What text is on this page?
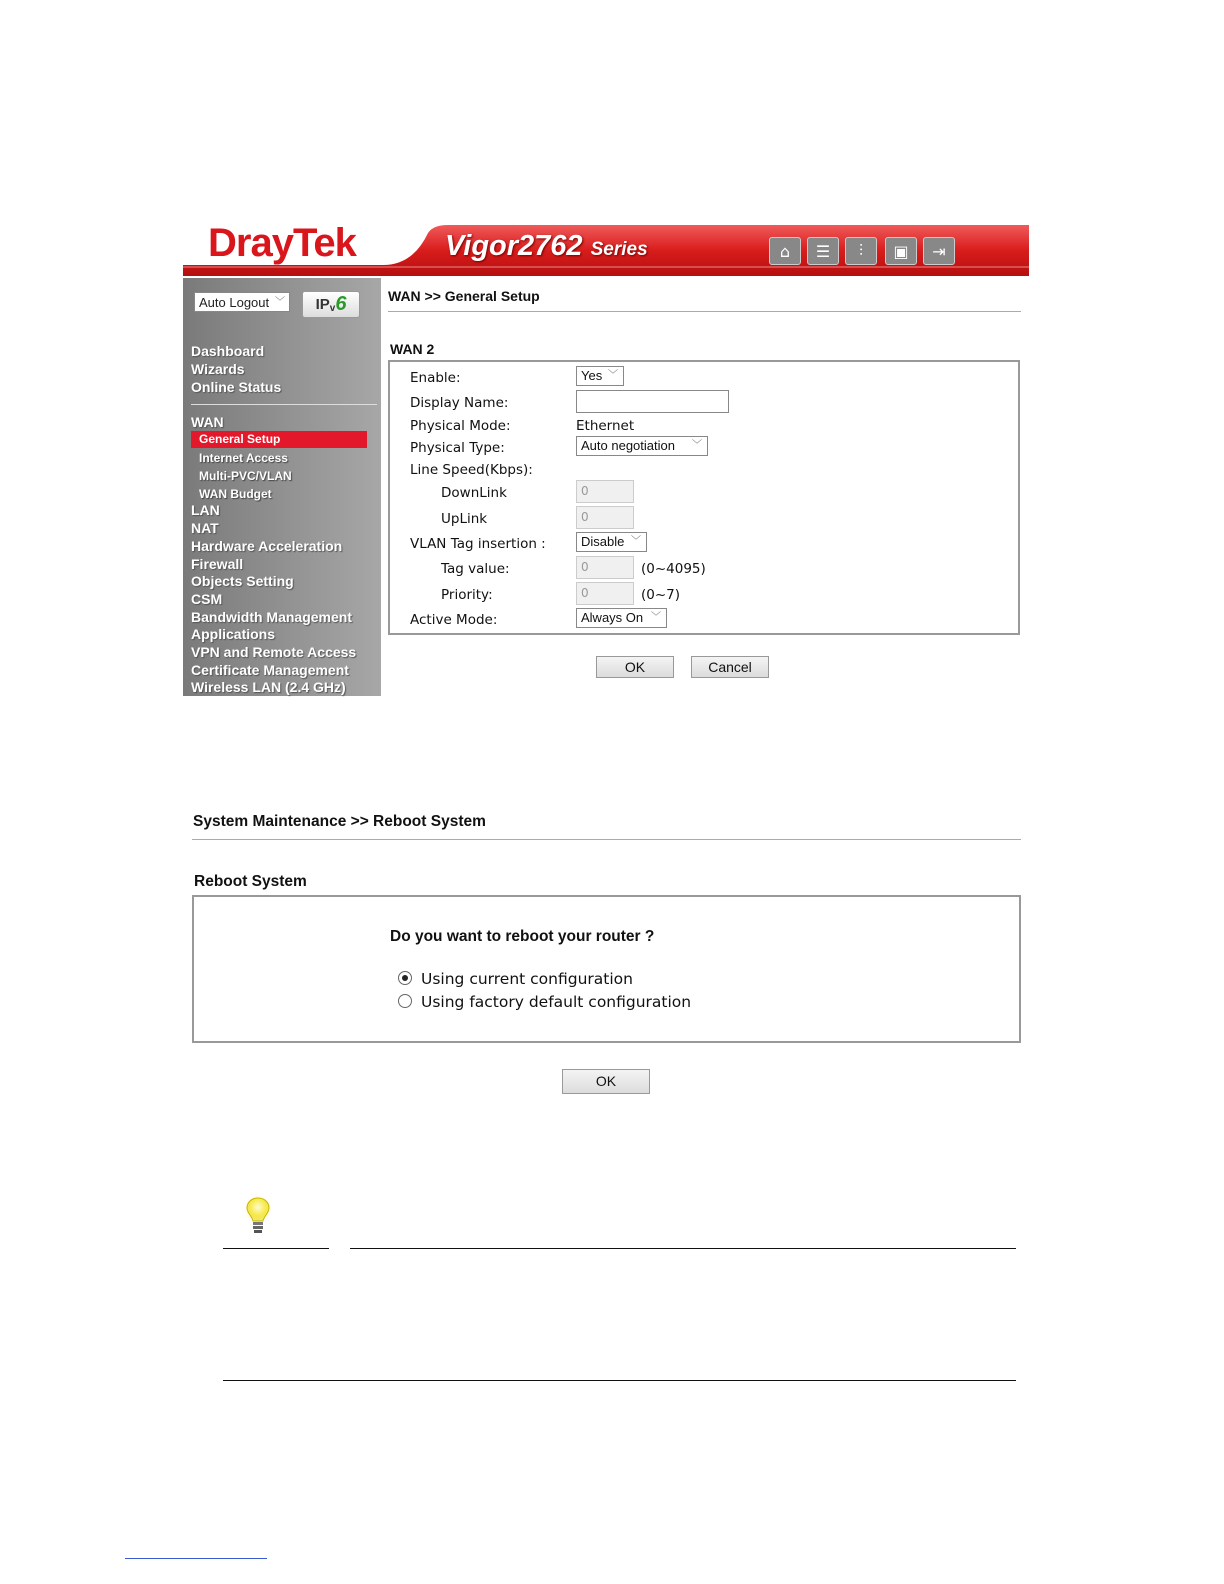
DrayTek	Vigor2762 Series	⌂	☰	⫶	▣	⇥
Auto Logout ﹀ IP v 6
Dashboard
Wizards
Online Status
WAN
General Setup
Internet Access
Multi-PVC/VLAN
WAN Budget
LAN
NAT
Hardware Acceleration
Firewall
Objects Setting
CSM
Bandwidth Management
Applications
VPN and Remote Access
Certificate Management
Wireless LAN (2.4 GHz)
WAN >> General Setup
WAN 2
Enable:	Yes ﹀
Display Name:
Physical Mode:	Ethernet
Physical Type:	Auto negotiation ﹀
Line Speed(Kbps):
DownLink	0
UpLink	0
VLAN Tag insertion :	Disable ﹀
Tag value:	0	(0~4095)
Priority:	0	(0~7)
Active Mode:	Always On ﹀
OK	Cancel
System Maintenance >> Reboot System
Reboot System
Do you want to reboot your router ?
Using current configuration
Using factory default configuration
OK
